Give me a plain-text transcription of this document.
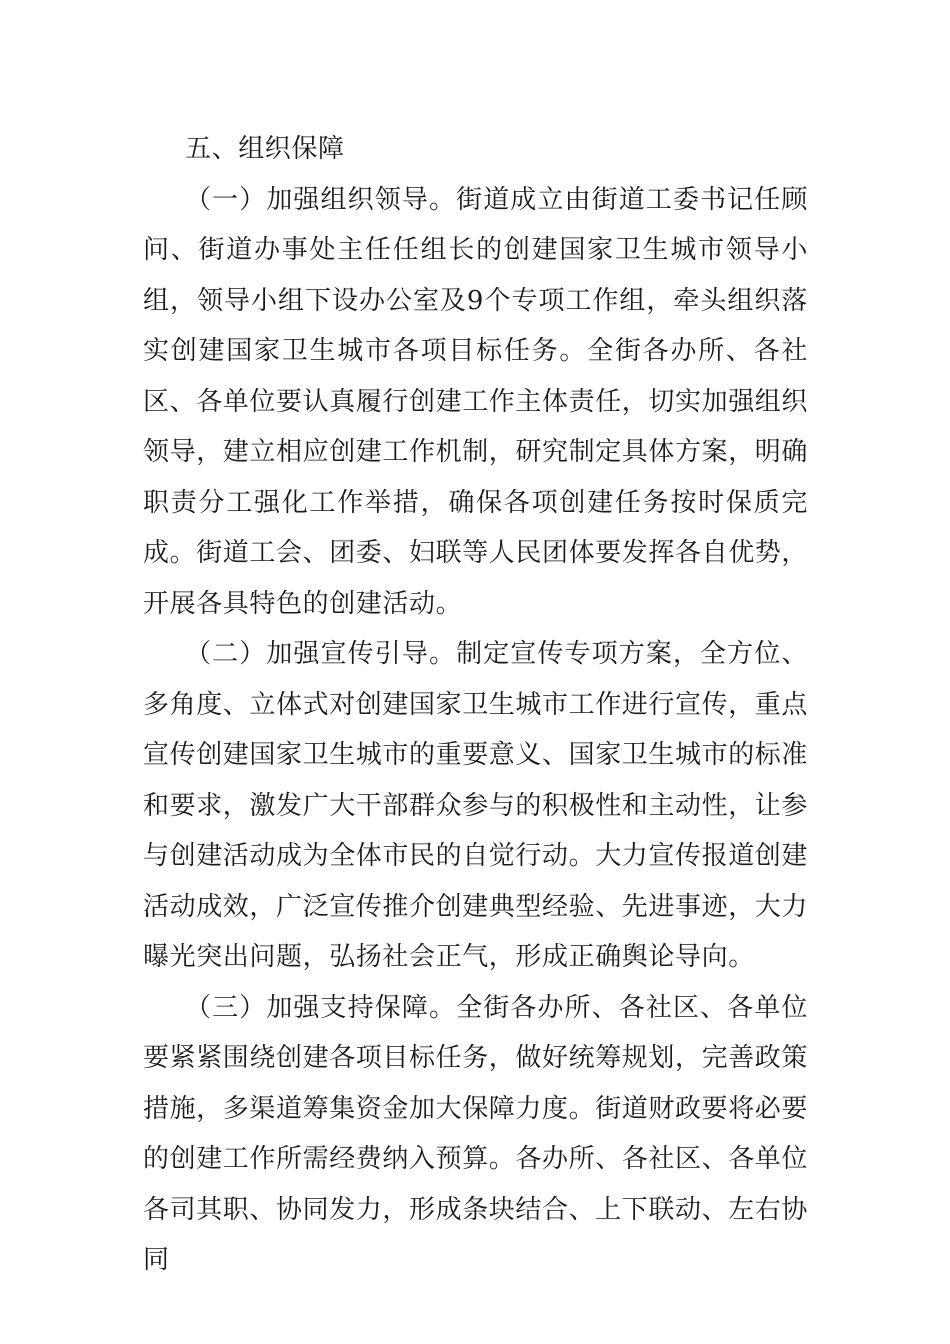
五、组织保障

（一）加强组织领导。街道成立由街道工委书记任顾问、街道办事处主任任组长的创建国家卫生城市领导小组，领导小组下设办公室及9个专项工作组，牵头组织落实创建国家卫生城市各项目标任务。全街各办所、各社区、各单位要认真履行创建工作主体责任，切实加强组织领导，建立相应创建工作机制，研究制定具体方案，明确职责分工强化工作举措，确保各项创建任务按时保质完成。街道工会、团委、妇联等人民团体要发挥各自优势，开展各具特色的创建活动。

（二）加强宣传引导。制定宣传专项方案，全方位、多角度、立体式对创建国家卫生城市工作进行宣传，重点宣传创建国家卫生城市的重要意义、国家卫生城市的标准和要求，激发广大干部群众参与的积极性和主动性，让参与创建活动成为全体市民的自觉行动。大力宣传报道创建活动成效，广泛宣传推介创建典型经验、先进事迹，大力曝光突出问题，弘扬社会正气，形成正确舆论导向。

（三）加强支持保障。全街各办所、各社区、各单位要紧紧围绕创建各项目标任务，做好统筹规划，完善政策措施，多渠道筹集资金加大保障力度。街道财政要将必要的创建工作所需经费纳入预算。各办所、各社区、各单位各司其职、协同发力，形成条块结合、上下联动、左右协同
